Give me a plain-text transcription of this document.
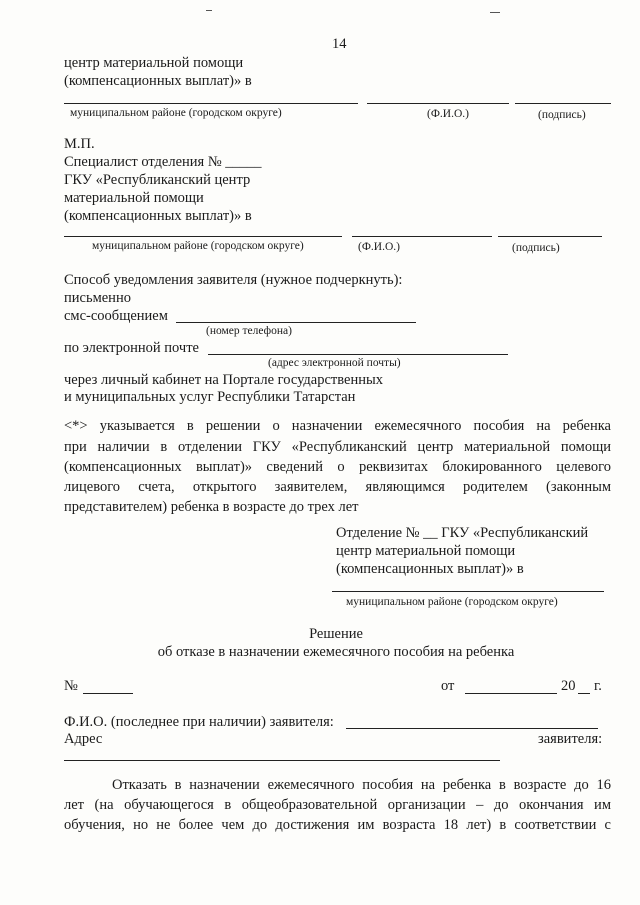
14
центр материальной помощи
(компенсационных выплат)» в
муниципальном районе (городском округе)	(Ф.И.О.)	(подпись)
М.П.
Специалист отделения № _____
ГКУ «Республиканский центр
материальной помощи
(компенсационных выплат)» в
муниципальном районе (городском округе)	(Ф.И.О.)	(подпись)
Способ уведомления заявителя (нужное подчеркнуть):
письменно
смс-сообщением
(номер телефона)
по электронной почте
(адрес электронной почты)
через личный кабинет на Портале государственных
и муниципальных услуг Республики Татарстан
<*> указывается в решении о назначении ежемесячного пособия на ребенка
при наличии в отделении ГКУ «Республиканский центр материальной помощи
(компенсационных выплат)» сведений о реквизитах блокированного целевого
лицевого счета, открытого заявителем, являющимся родителем (законным
представителем) ребенка в возрасте до трех лет
Отделение № __ ГКУ «Республиканский
центр материальной помощи
(компенсационных выплат)» в
муниципальном районе (городском округе)
Решение
об отказе в назначении ежемесячного пособия на ребенка
№	от	20 г.
Ф.И.О. (последнее при наличии) заявителя:
Адрес	заявителя:
Отказать в назначении ежемесячного пособия на ребенка в возрасте до 16
лет (на обучающегося в общеобразовательной организации – до окончания им
обучения, но не более чем до достижения им возраста 18 лет) в соответствии с
